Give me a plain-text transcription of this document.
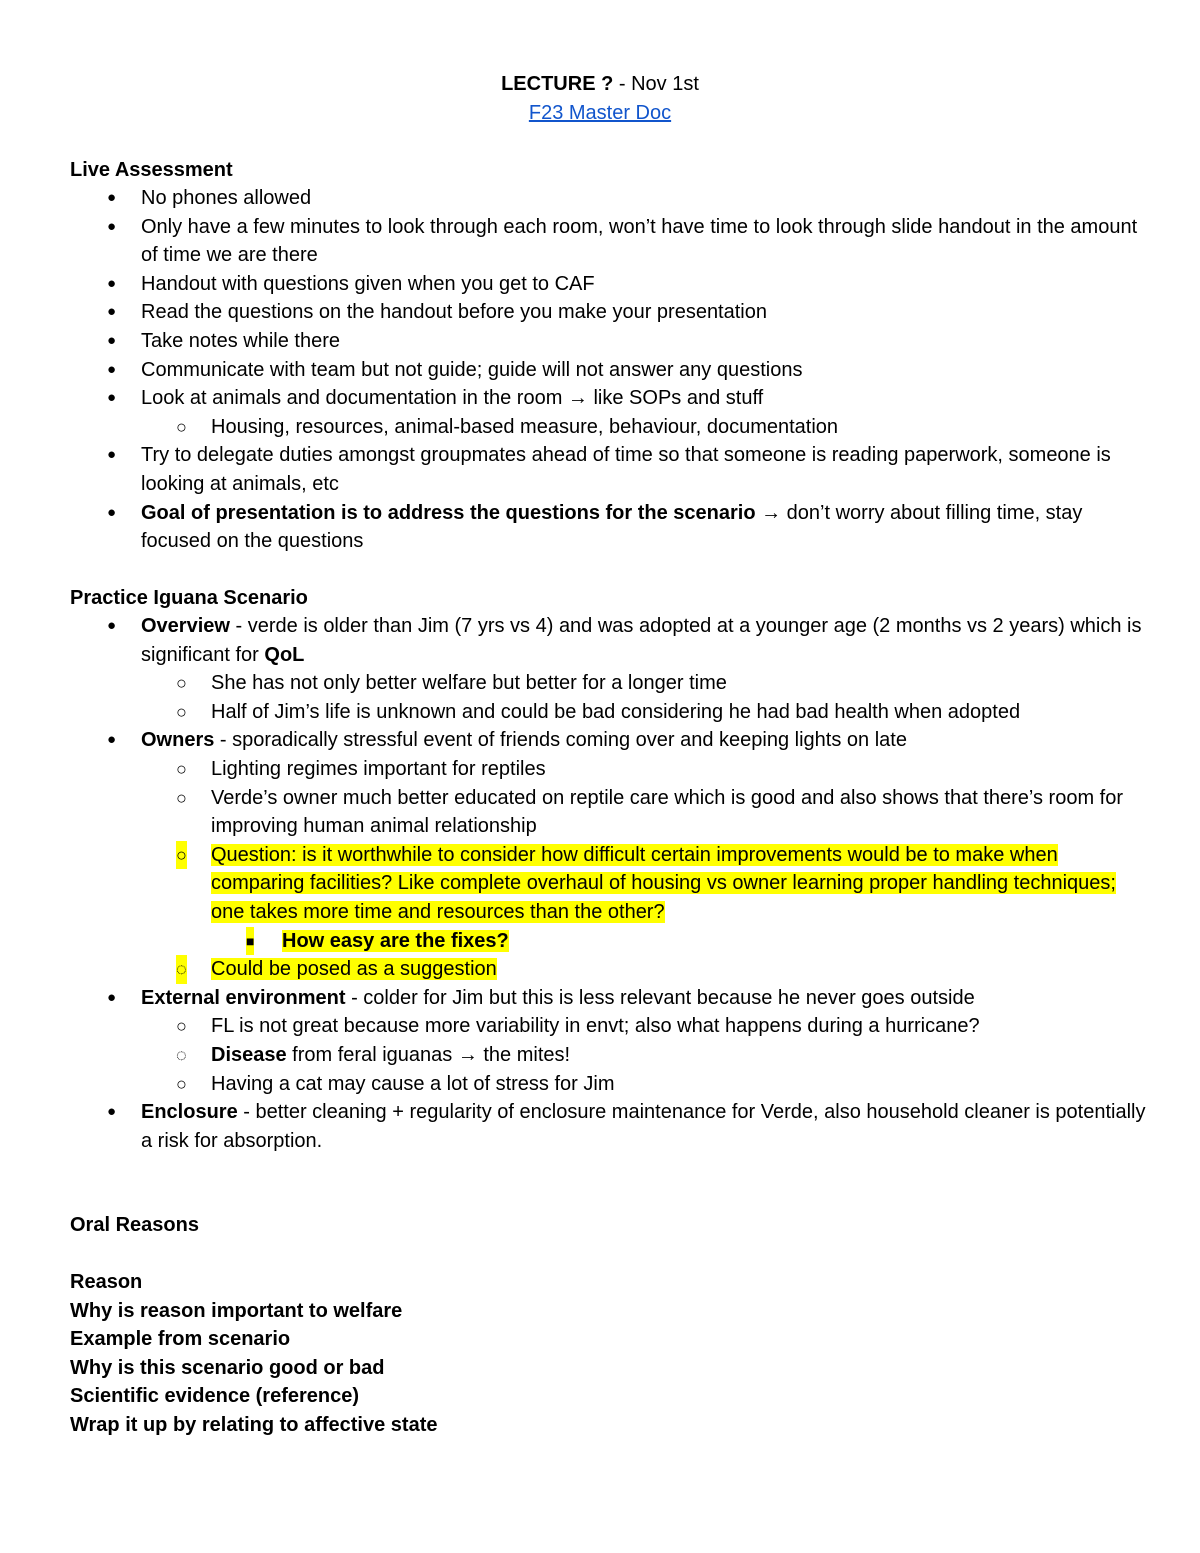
LECTURE ? - Nov 1st
F23 Master Doc
Live Assessment
● No phones allowed
● Only have a few minutes to look through each room, won’t have time to look through slide handout in the amount of time we are there
● Handout with questions given when you get to CAF
● Read the questions on the handout before you make your presentation
● Take notes while there
● Communicate with team but not guide; guide will not answer any questions
● Look at animals and documentation in the room → like SOPs and stuff
○ Housing, resources, animal-based measure, behaviour, documentation
● Try to delegate duties amongst groupmates ahead of time so that someone is reading paperwork, someone is looking at animals, etc
● Goal of presentation is to address the questions for the scenario → don’t worry about filling time, stay focused on the questions
Practice Iguana Scenario
● Overview - verde is older than Jim (7 yrs vs 4) and was adopted at a younger age (2 months vs 2 years) which is significant for QoL
○ She has not only better welfare but better for a longer time
○ Half of Jim’s life is unknown and could be bad considering he had bad health when adopted
● Owners - sporadically stressful event of friends coming over and keeping lights on late
○ Lighting regimes important for reptiles
○ Verde’s owner much better educated on reptile care which is good and also shows that there’s room for improving human animal relationship
○ Question: is it worthwhile to consider how difficult certain improvements would be to make when comparing facilities? Like complete overhaul of housing vs owner learning proper handling techniques; one takes more time and resources than the other?
■ How easy are the fixes?
◌ Could be posed as a suggestion
● External environment - colder for Jim but this is less relevant because he never goes outside
○ FL is not great because more variability in envt; also what happens during a hurricane?
◌ Disease from feral iguanas → the mites!
○ Having a cat may cause a lot of stress for Jim
● Enclosure - better cleaning + regularity of enclosure maintenance for Verde, also household cleaner is potentially a risk for absorption.
Oral Reasons
Reason
Why is reason important to welfare
Example from scenario
Why is this scenario good or bad
Scientific evidence (reference)
Wrap it up by relating to affective state
